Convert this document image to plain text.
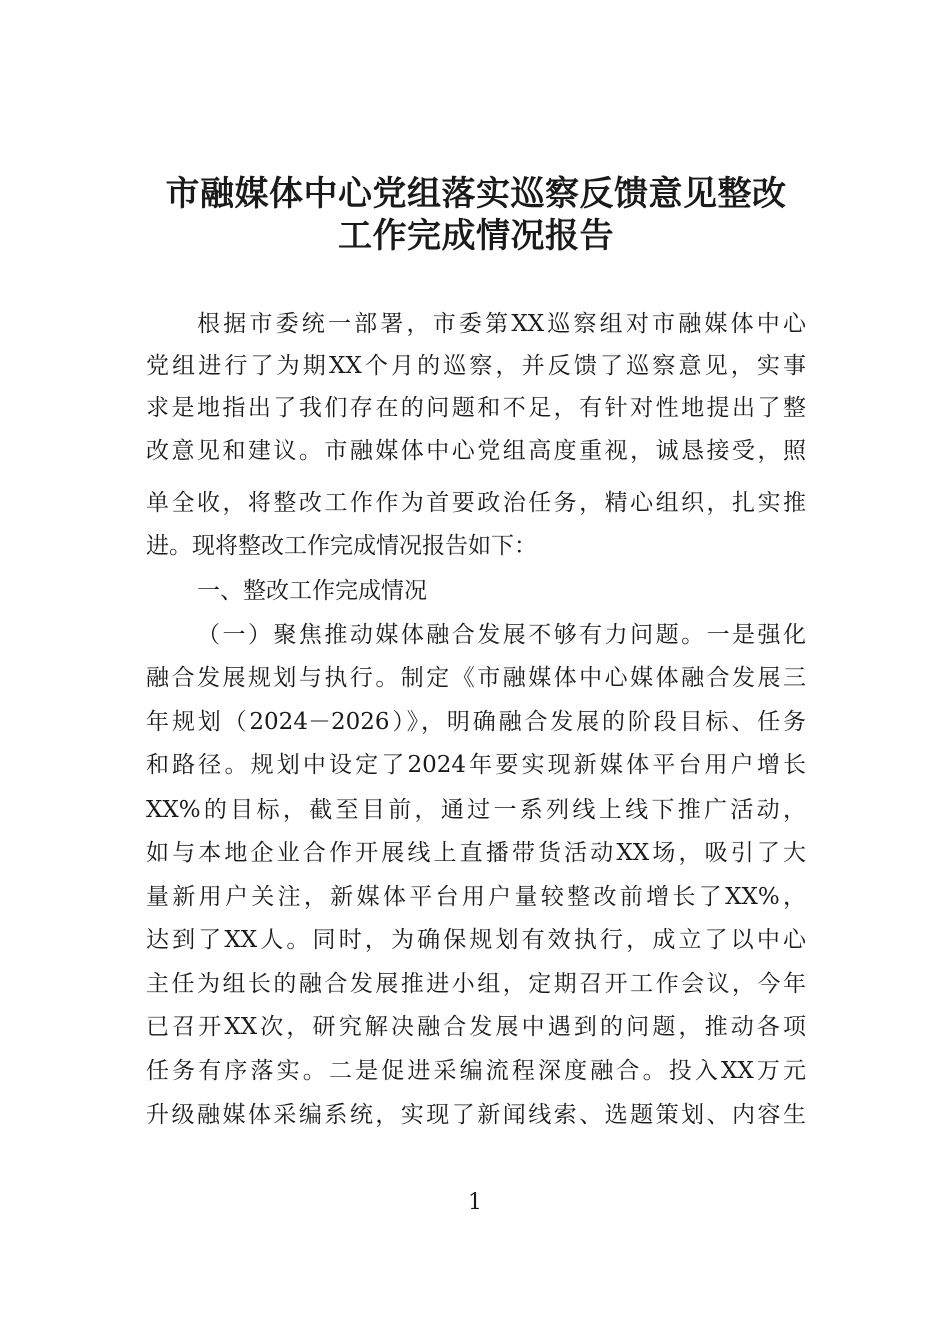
市融媒体中心党组落实巡察反馈意见整改
工作完成情况报告
根据市委统一部署，市委第XX巡察组对市融媒体中心
党组进行了为期XX个月的巡察，并反馈了巡察意见，实事
求是地指出了我们存在的问题和不足，有针对性地提出了整
改意见和建议。市融媒体中心党组高度重视，诚恳接受，照
单全收，将整改工作作为首要政治任务，精心组织，扎实推
进。现将整改工作完成情况报告如下：
一、整改工作完成情况
（一）聚焦推动媒体融合发展不够有力问题。一是强化
融合发展规划与执行。制定《市融媒体中心媒体融合发展三
年规划（2024－2026）》，明确融合发展的阶段目标、任务
和路径。规划中设定了2024年要实现新媒体平台用户增长
XX%的目标，截至目前，通过一系列线上线下推广活动，
如与本地企业合作开展线上直播带货活动XX场，吸引了大
量新用户关注，新媒体平台用户量较整改前增长了XX%，
达到了XX人。同时，为确保规划有效执行，成立了以中心
主任为组长的融合发展推进小组，定期召开工作会议，今年
已召开XX次，研究解决融合发展中遇到的问题，推动各项
任务有序落实。二是促进采编流程深度融合。投入XX万元
升级融媒体采编系统，实现了新闻线索、选题策划、内容生
1
